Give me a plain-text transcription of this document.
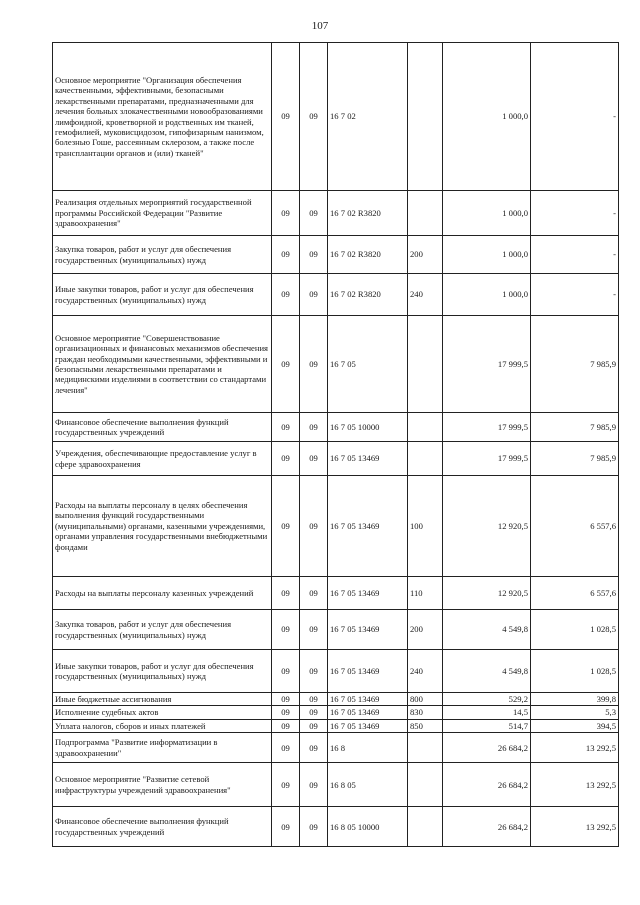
107
Основное мероприятие "Организация обеспечения качественными, эффективными, безопасными лекарственными препаратами, предназначенными для лечения больных злокачественными новообразованиями лимфоидной, кроветворной и родственных им тканей, гемофилией, муковисцидозом, гипофизарным нанизмом, болезнью Гоше, рассеянным склерозом, а также после трансплантации органов и (или) тканей"	09	09	16 7 02		1 000,0	-
Реализация отдельных мероприятий государственной программы Российской Федерации "Развитие здравоохранения"	09	09	16 7 02 R3820		1 000,0	-
Закупка товаров, работ и услуг для обеспечения государственных (муниципальных) нужд	09	09	16 7 02 R3820	200	1 000,0	-
Иные закупки товаров, работ и услуг для обеспечения государственных (муниципальных) нужд	09	09	16 7 02 R3820	240	1 000,0	-
Основное мероприятие "Совершенствование организационных и финансовых механизмов обеспечения граждан необходимыми качественными, эффективными и безопасными лекарственными препаратами и медицинскими изделиями в соответствии со стандартами лечения"	09	09	16 7 05		17 999,5	7 985,9
Финансовое обеспечение выполнения функций государственных учреждений	09	09	16 7 05 10000		17 999,5	7 985,9
Учреждения, обеспечивающие предоставление услуг в сфере здравоохранения	09	09	16 7 05 13469		17 999,5	7 985,9
Расходы на выплаты персоналу в целях обеспечения выполнения функций государственными (муниципальными) органами, казенными учреждениями, органами управления государственными внебюджетными фондами	09	09	16 7 05 13469	100	12 920,5	6 557,6
Расходы на выплаты персоналу казенных учреждений	09	09	16 7 05 13469	110	12 920,5	6 557,6
Закупка товаров, работ и услуг для обеспечения государственных (муниципальных) нужд	09	09	16 7 05 13469	200	4 549,8	1 028,5
Иные закупки товаров, работ и услуг для обеспечения государственных (муниципальных) нужд	09	09	16 7 05 13469	240	4 549,8	1 028,5
Иные бюджетные ассигнования	09	09	16 7 05 13469	800	529,2	399,8
Исполнение судебных актов	09	09	16 7 05 13469	830	14,5	5,3
Уплата налогов, сборов и иных платежей	09	09	16 7 05 13469	850	514,7	394,5
Подпрограмма "Развитие информатизации в здравоохранении"	09	09	16 8		26 684,2	13 292,5
Основное мероприятие "Развитие сетевой инфраструктуры учреждений здравоохранения"	09	09	16 8 05		26 684,2	13 292,5
Финансовое обеспечение выполнения функций государственных учреждений	09	09	16 8 05 10000		26 684,2	13 292,5
